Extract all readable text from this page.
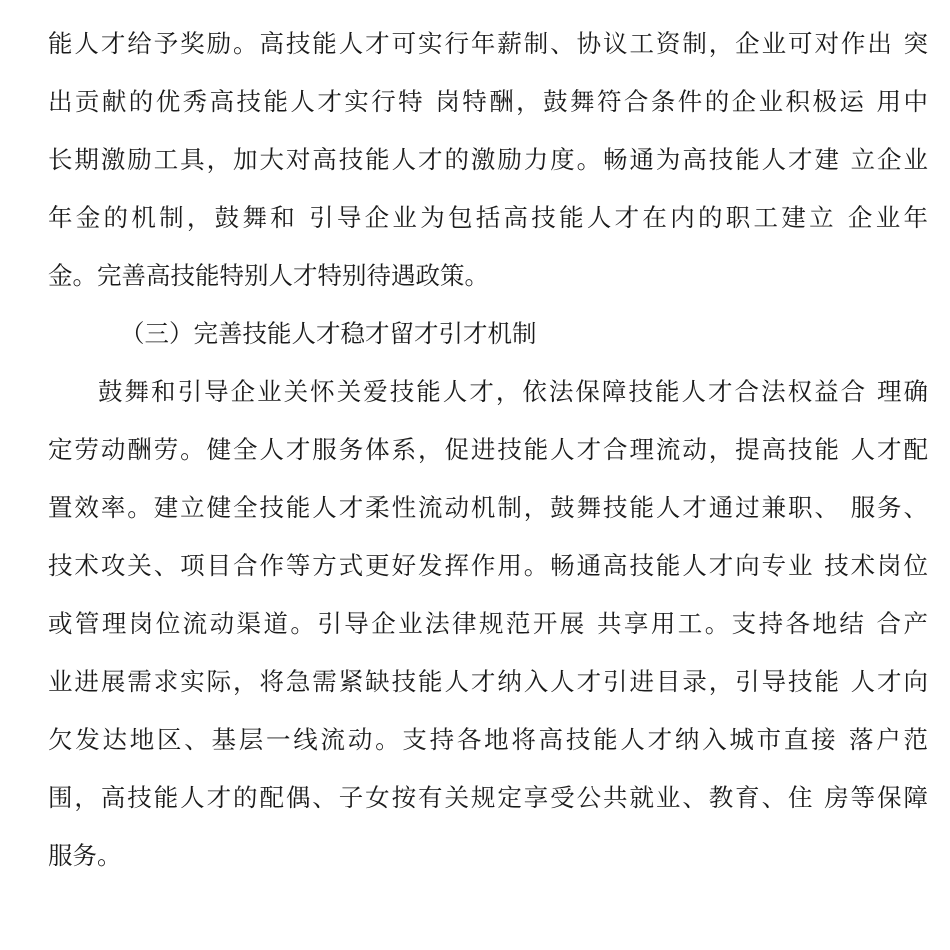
能人才给予奖励。高技能人才可实行年薪制、协议工资制，企业可对作出 突
出贡献的优秀高技能人才实行特 岗特酬，鼓舞符合条件的企业积极运 用中
长期激励工具，加大对高技能人才的激励力度。畅通为高技能人才建 立企业
年金的机制，鼓舞和 引导企业为包括高技能人才在内的职工建立 企业年
金。完善高技能特别人才特别待遇政策。
（三）完善技能人才稳才留才引才机制
鼓舞和引导企业关怀关爱技能人才，依法保障技能人才合法权益合 理确
定劳动酬劳。健全人才服务体系，促进技能人才合理流动，提高技能 人才配
置效率。建立健全技能人才柔性流动机制，鼓舞技能人才通过兼职、 服务、
技术攻关、项目合作等方式更好发挥作用。畅通高技能人才向专业 技术岗位
或管理岗位流动渠道。引导企业法律规范开展 共享用工。支持各地结 合产
业进展需求实际，将急需紧缺技能人才纳入人才引进目录，引导技能 人才向
欠发达地区、基层一线流动。支持各地将高技能人才纳入城市直接 落户范
围，高技能人才的配偶、子女按有关规定享受公共就业、教育、住 房等保障
服务。
